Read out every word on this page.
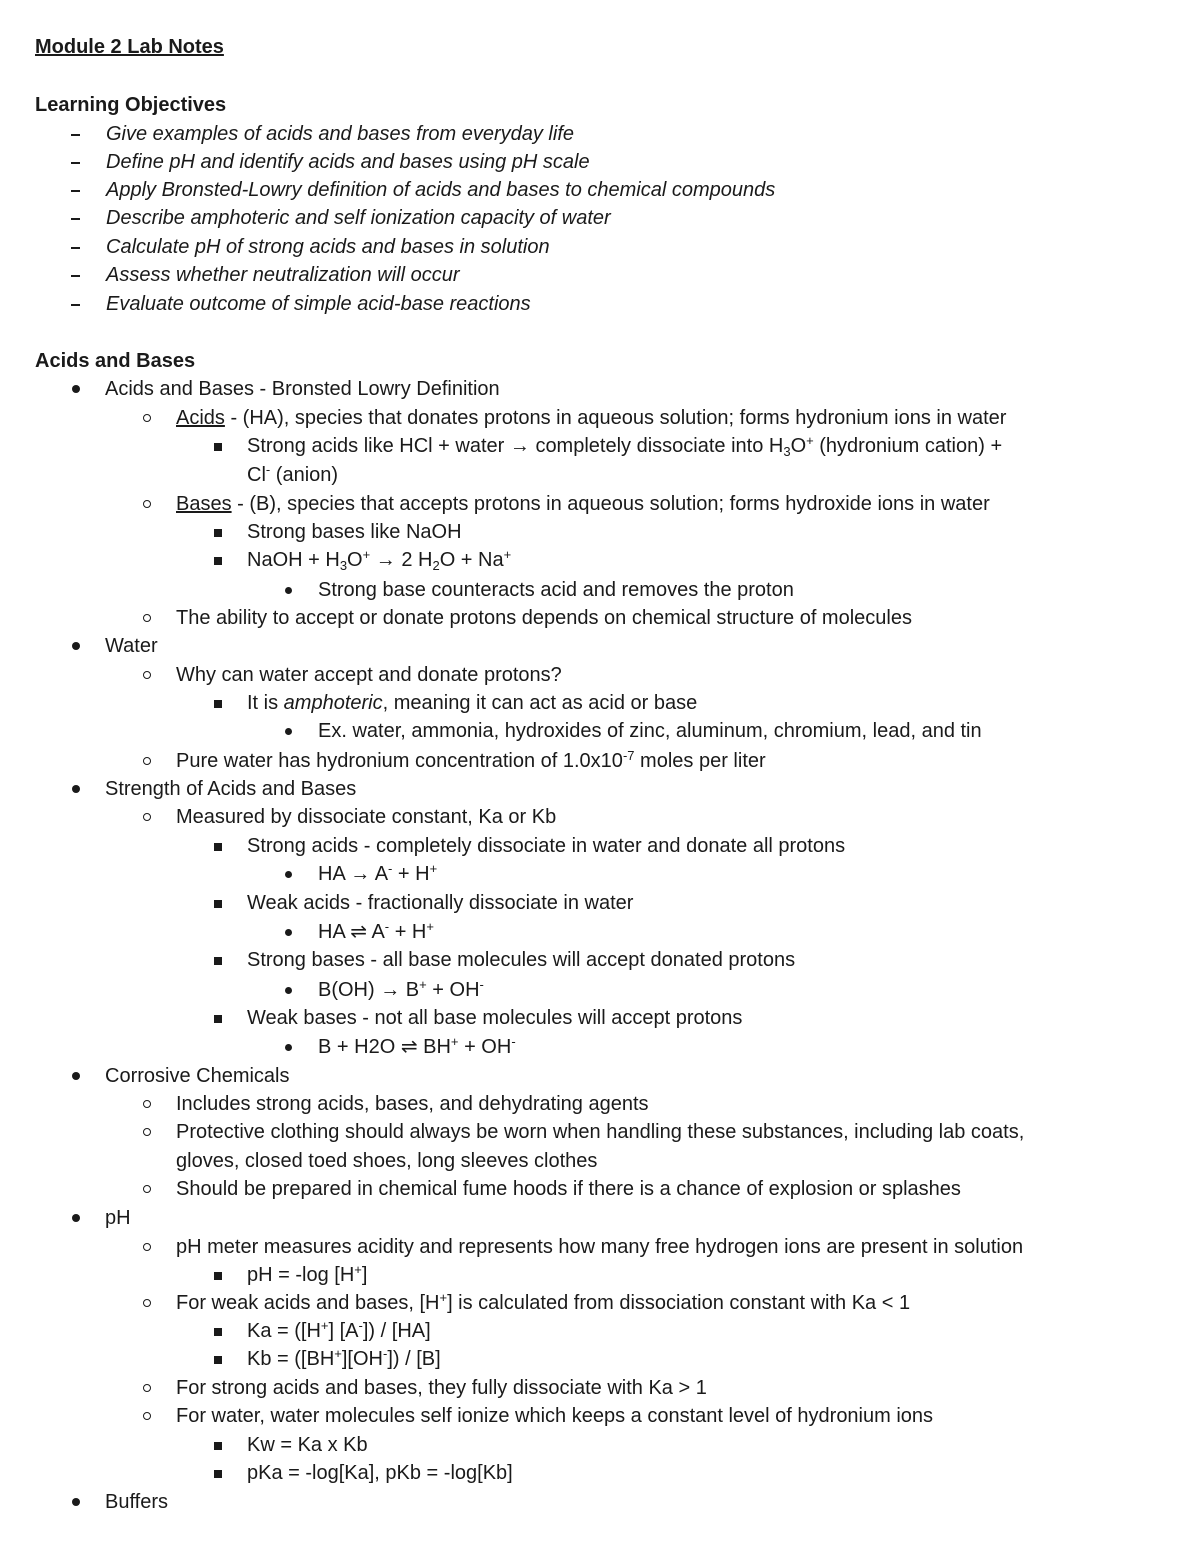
Module 2 Lab Notes
Learning Objectives
Give examples of acids and bases from everyday life
Define pH and identify acids and bases using pH scale
Apply Bronsted-Lowry definition of acids and bases to chemical compounds
Describe amphoteric and self ionization capacity of water
Calculate pH of strong acids and bases in solution
Assess whether neutralization will occur
Evaluate outcome of simple acid-base reactions
Acids and Bases
Acids and Bases - Bronsted Lowry Definition
Acids - (HA), species that donates protons in aqueous solution; forms hydronium ions in water
Strong acids like HCl + water → completely dissociate into $H_3O^+$ (hydronium cation) +
Cl- (anion)
Bases - (B), species that accepts protons in aqueous solution; forms hydroxide ions in water
Strong bases like NaOH
NaOH + $H_3O^+ \to 2$ $H_2O + Na^+$
Strong base counteracts acid and removes the proton
The ability to accept or donate protons depends on chemical structure of molecules
Water
Why can water accept and donate protons?
It is amphoteric, meaning it can act as acid or base
Ex. water, ammonia, hydroxides of zinc, aluminum, chromium, lead, and tin
Pure water has hydronium concentration of $1.0x10^{-7}$ moles per liter
Strength of Acids and Bases
Measured by dissociate constant, Ka or Kb
Strong acids - completely dissociate in water and donate all protons
HA → A- + H+
Weak acids - fractionally dissociate in water
HA ⇌ A- + H+
Strong bases - all base molecules will accept donated protons
B(OH) → B+ + OH-
Weak bases - not all base molecules will accept protons
B + H2O ⇌ BH+ + OH-
Corrosive Chemicals
Includes strong acids, bases, and dehydrating agents
Protective clothing should always be worn when handling these substances, including lab coats,
gloves, closed toed shoes, long sleeves clothes
Should be prepared in chemical fume hoods if there is a chance of explosion or splashes
pH
pH meter measures acidity and represents how many free hydrogen ions are present in solution
pH = -log [H+]
For weak acids and bases, [H+] is calculated from dissociation constant with Ka < 1
Ka = ([H+] [A-]) / [HA]
Kb = ([BH+][OH-]) / [B]
For strong acids and bases, they fully dissociate with Ka > 1
For water, water molecules self ionize which keeps a constant level of hydronium ions
Kw = Ka x Kb
pKa = -log[Ka], pKb = -log[Kb]
Buffers
